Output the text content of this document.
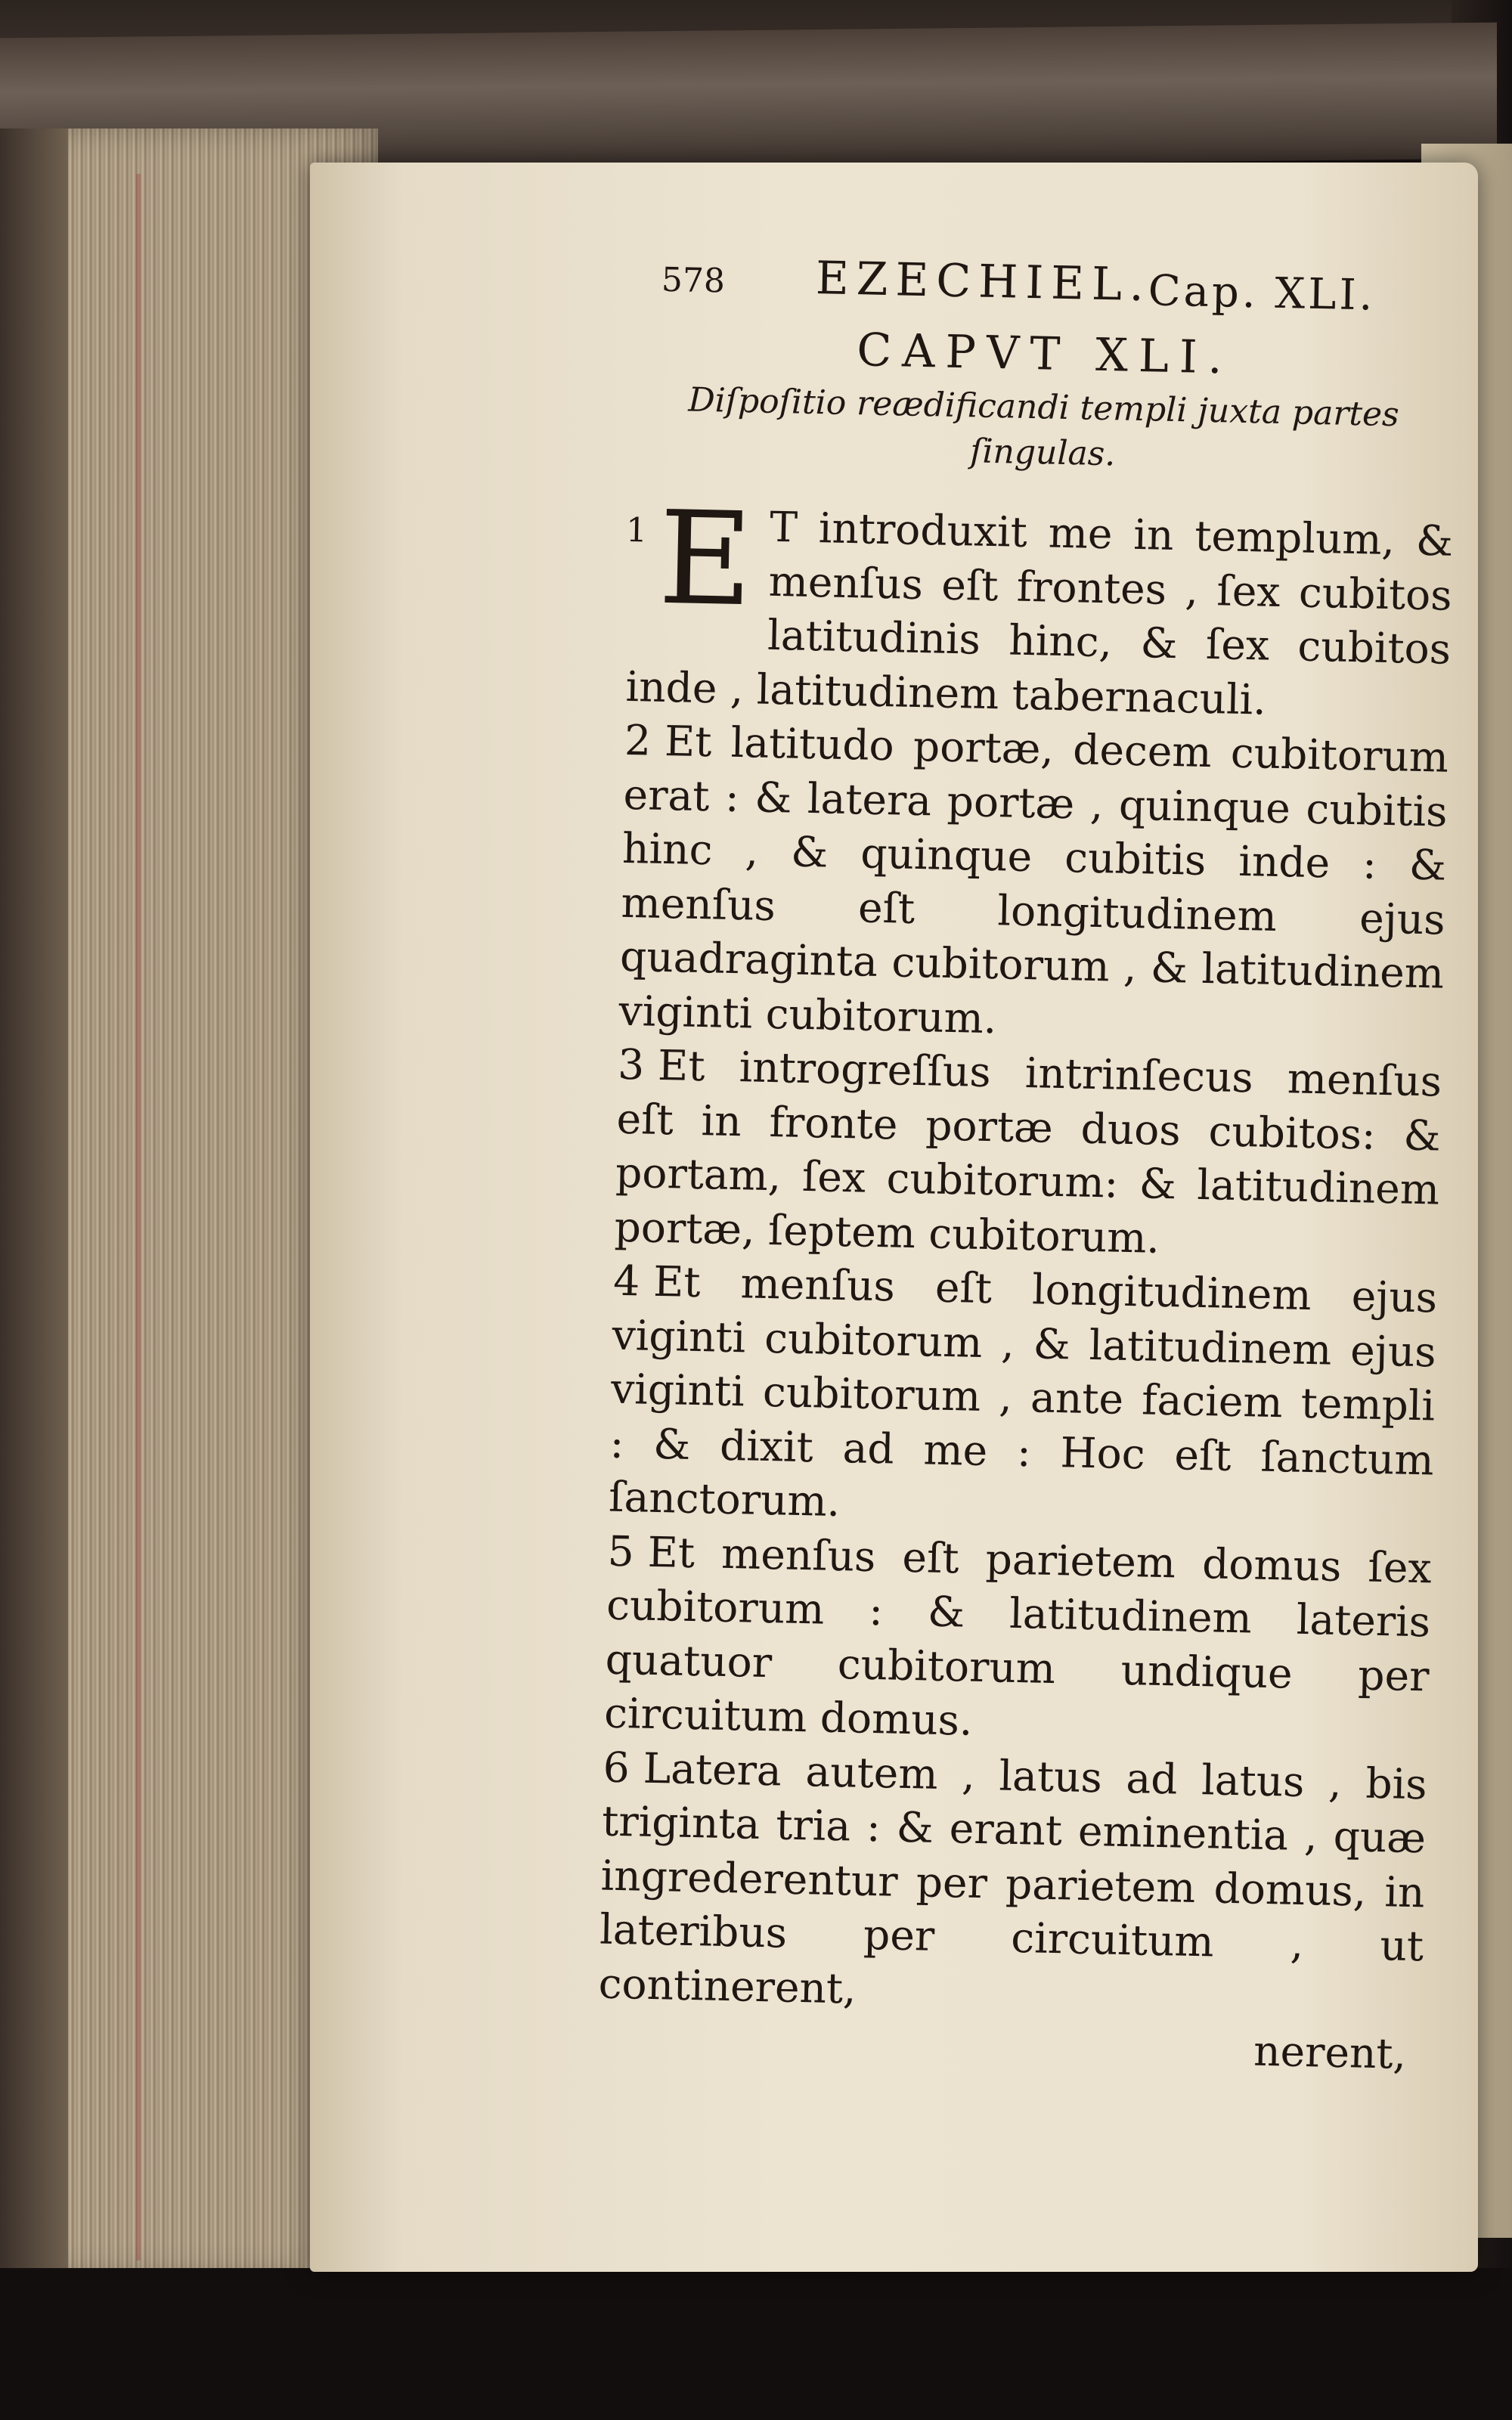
578 EZECHIEL.
Cap. XLI.
CAPVT XLI.
Diſpoſitio reædificandi templi juxta partes ſingulas.

1 E T introduxit me in templum, & menſus eſt frontes , ſex cubitos latitudinis hinc, & ſex cubitos inde , latitudinem tabernaculi.

2 Et latitudo portæ, decem cubitorum erat : & latera portæ , quinque cubitis hinc , & quinque cubitis inde : & menſus eſt longitudinem ejus quadraginta cubitorum , & latitudinem viginti cubitorum.

3 Et introgreſſus intrinſecus menſus eſt in fronte portæ duos cubitos: & portam, ſex cubitorum: & latitudinem portæ, ſeptem cubitorum.

4 Et menſus eſt longitudinem ejus viginti cubitorum , & latitudinem ejus viginti cubitorum , ante faciem templi : & dixit ad me : Hoc eſt ſanctum ſanctorum.

5 Et menſus eſt parietem domus ſex cubitorum : & latitudinem lateris quatuor cubitorum undique per circuitum domus.

6 Latera autem , latus ad latus , bis triginta tria : & erant eminentia , quæ ingrederentur per parietem domus, in lateribus per circuitum , ut continerent,

nerent,
